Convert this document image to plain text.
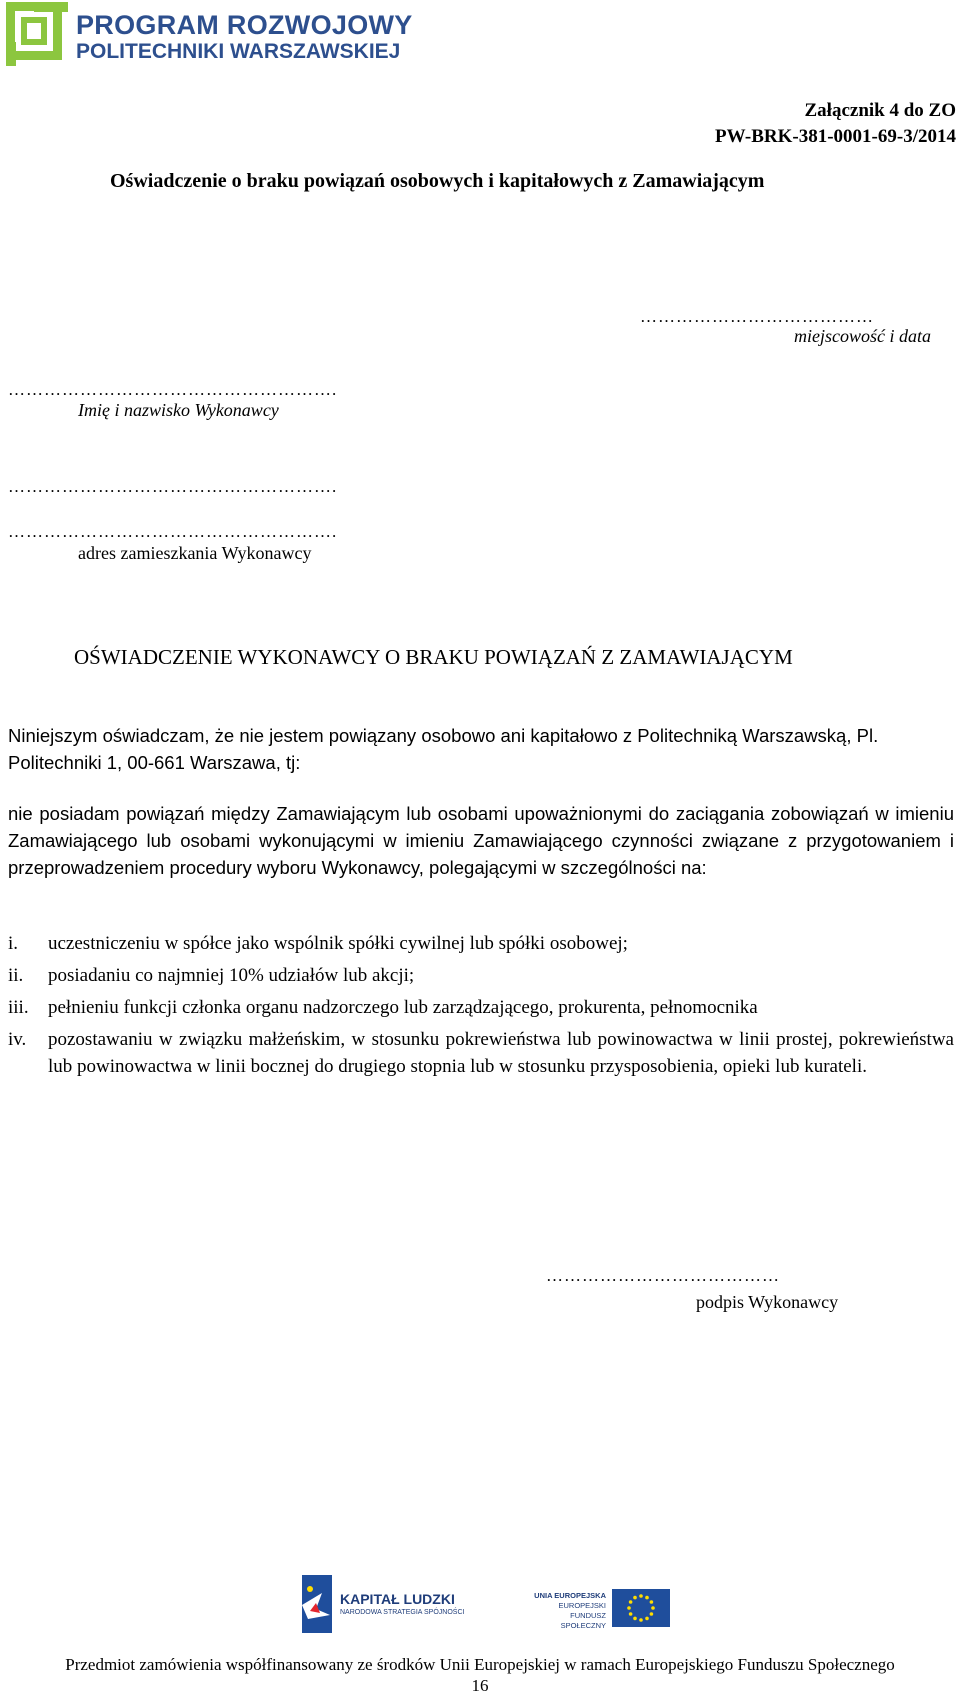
PROGRAM ROZWOJOWY
POLITECHNIKI WARSZAWSKIEJ
Załącznik 4 do ZO
PW-BRK-381-0001-69-3/2014
Oświadczenie o braku powiązań osobowych i kapitałowych z Zamawiającym
…………………………………
miejscowość i data
……………………………………………….
Imię i nazwisko Wykonawcy
……………………………………………….
……………………………………………….
adres zamieszkania Wykonawcy
OŚWIADCZENIE WYKONAWCY O BRAKU POWIĄZAŃ Z ZAMAWIAJĄCYM
Niniejszym oświadczam, że nie jestem powiązany osobowo ani kapitałowo z Politechniką Warszawską, Pl. Politechniki 1, 00-661 Warszawa, tj:
nie posiadam powiązań między Zamawiającym lub osobami upoważnionymi do zaciągania zobowiązań w imieniu Zamawiającego lub osobami wykonującymi w imieniu Zamawiającego czynności związane z przygotowaniem i przeprowadzeniem procedury wyboru Wykonawcy, polegającymi w szczególności na:
i. uczestniczeniu w spółce jako wspólnik spółki cywilnej lub spółki osobowej;
ii. posiadaniu co najmniej 10% udziałów lub akcji;
iii. pełnieniu funkcji członka organu nadzorczego lub zarządzającego, prokurenta, pełnomocnika
iv. pozostawaniu w związku małżeńskim, w stosunku pokrewieństwa lub powinowactwa w linii prostej, pokrewieństwa lub powinowactwa w linii bocznej do drugiego stopnia lub w stosunku przysposobienia, opieki lub kurateli.
…………………………………
podpis Wykonawcy
KAPITAŁ LUDZKI
NARODOWA STRATEGIA SPÓJNOŚCI
UNIA EUROPEJSKA
EUROPEJSKI
FUNDUSZ SPOŁECZNY
Przedmiot zamówienia współfinansowany ze środków Unii Europejskiej w ramach Europejskiego Funduszu Społecznego
16
